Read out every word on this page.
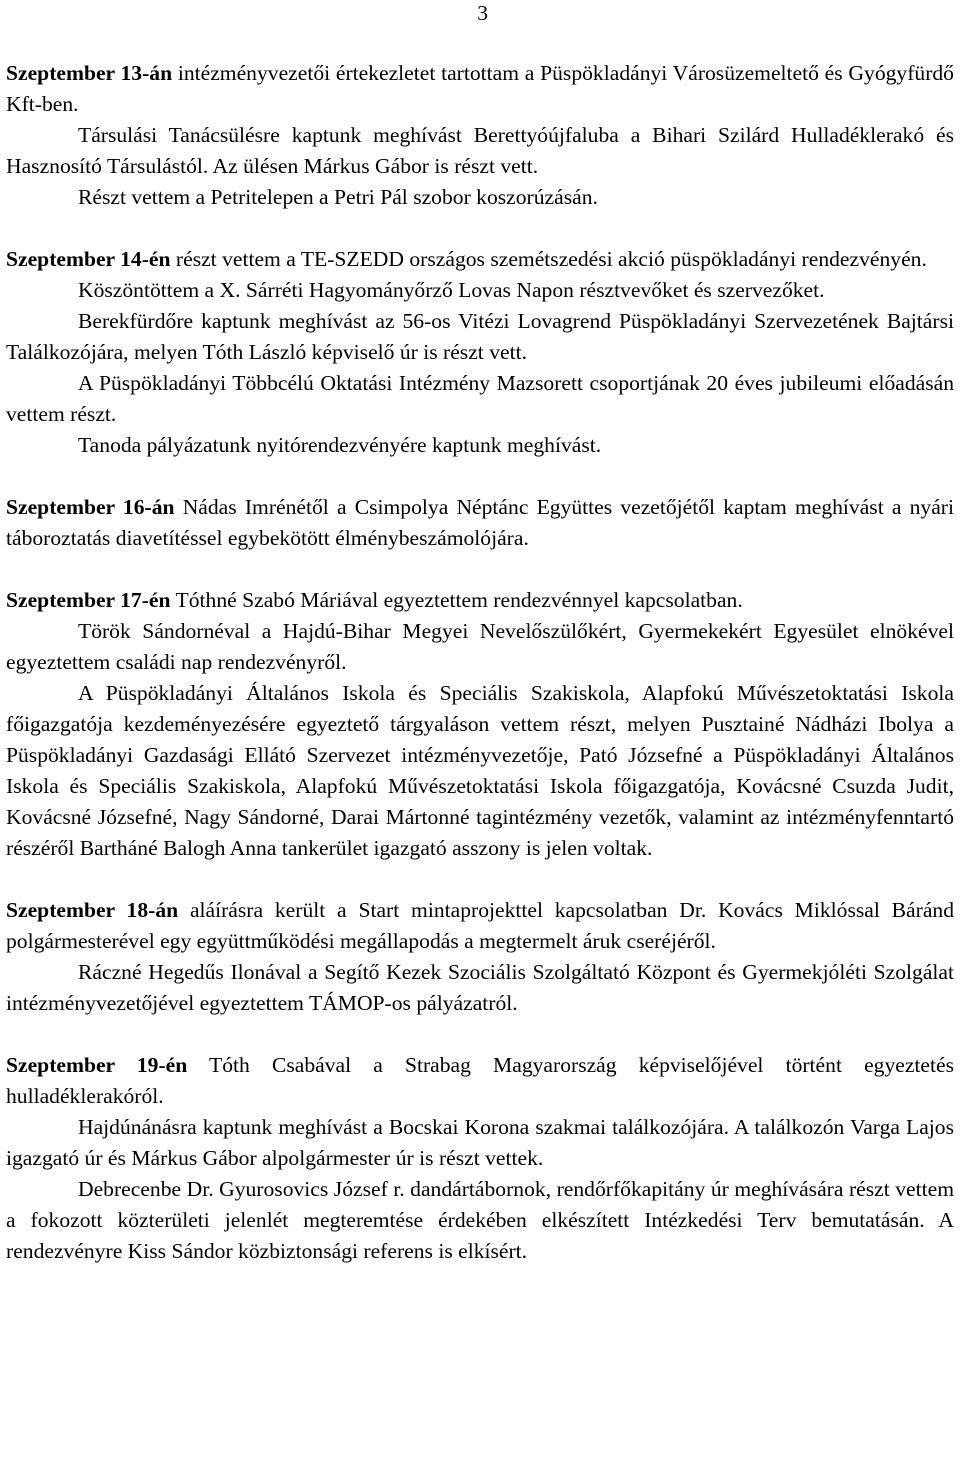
3

Szeptember 13-án intézményvezetői értekezletet tartottam a Püspökladányi Városüzemeltető és Gyógyfürdő Kft-ben.

Társulási Tanácsülésre kaptunk meghívást Berettyóújfaluba a Bihari Szilárd Hulladéklerakó és Hasznosító Társulástól. Az ülésen Márkus Gábor is részt vett.

Részt vettem a Petritelepen a Petri Pál szobor koszorúzásán.

Szeptember 14-én részt vettem a TE-SZEDD országos szemétszedési akció püspökladányi rendezvényén.

Köszöntöttem a X. Sárréti Hagyományőrző Lovas Napon résztvevőket és szervezőket.

Berekfürdőre kaptunk meghívást az 56-os Vitézi Lovagrend Püspökladányi Szervezetének Bajtársi Találkozójára, melyen Tóth László képviselő úr is részt vett.

A Püspökladányi Többcélú Oktatási Intézmény Mazsorett csoportjának 20 éves jubileumi előadásán vettem részt.

Tanoda pályázatunk nyitórendezvényére kaptunk meghívást.

Szeptember 16-án Nádas Imrénétől a Csimpolya Néptánc Együttes vezetőjétől kaptam meghívást a nyári táboroztatás diavetítéssel egybekötött élménybeszámolójára.

Szeptember 17-én Tóthné Szabó Máriával egyeztettem rendezvénnyel kapcsolatban.

Török Sándornéval a Hajdú-Bihar Megyei Nevelőszülőkért, Gyermekekért Egyesület elnökével egyeztettem családi nap rendezvényről.

A Püspökladányi Általános Iskola és Speciális Szakiskola, Alapfokú Művészetoktatási Iskola főigazgatója kezdeményezésére egyeztető tárgyaláson vettem részt, melyen Pusztainé Nádházi Ibolya a Püspökladányi Gazdasági Ellátó Szervezet intézményvezetője, Pató Józsefné a Püspökladányi Általános Iskola és Speciális Szakiskola, Alapfokú Művészetoktatási Iskola főigazgatója, Kovácsné Csuzda Judit, Kovácsné Józsefné, Nagy Sándorné, Darai Mártonné tagintézmény vezetők, valamint az intézményfenntartó részéről Bartháné Balogh Anna tankerület igazgató asszony is jelen voltak.

Szeptember 18-án aláírásra került a Start mintaprojekttel kapcsolatban Dr. Kovács Miklóssal Báránd polgármesterével egy együttműködési megállapodás a megtermelt áruk cseréjéről.

Ráczné Hegedűs Ilonával a Segítő Kezek Szociális Szolgáltató Központ és Gyermekjóléti Szolgálat intézményvezetőjével egyeztettem TÁMOP-os pályázatról.

Szeptember 19-én Tóth Csabával a Strabag Magyarország képviselőjével történt egyeztetés hulladéklerakóról.

Hajdúnánásra kaptunk meghívást a Bocskai Korona szakmai találkozójára. A találkozón Varga Lajos igazgató úr és Márkus Gábor alpolgármester úr is részt vettek.

Debrecenbe Dr. Gyurosovics József r. dandártábornok, rendőrfőkapitány úr meghívására részt vettem a fokozott közterületi jelenlét megteremtése érdekében elkészített Intézkedési Terv bemutatásán. A rendezvényre Kiss Sándor közbiztonsági referens is elkísért.
